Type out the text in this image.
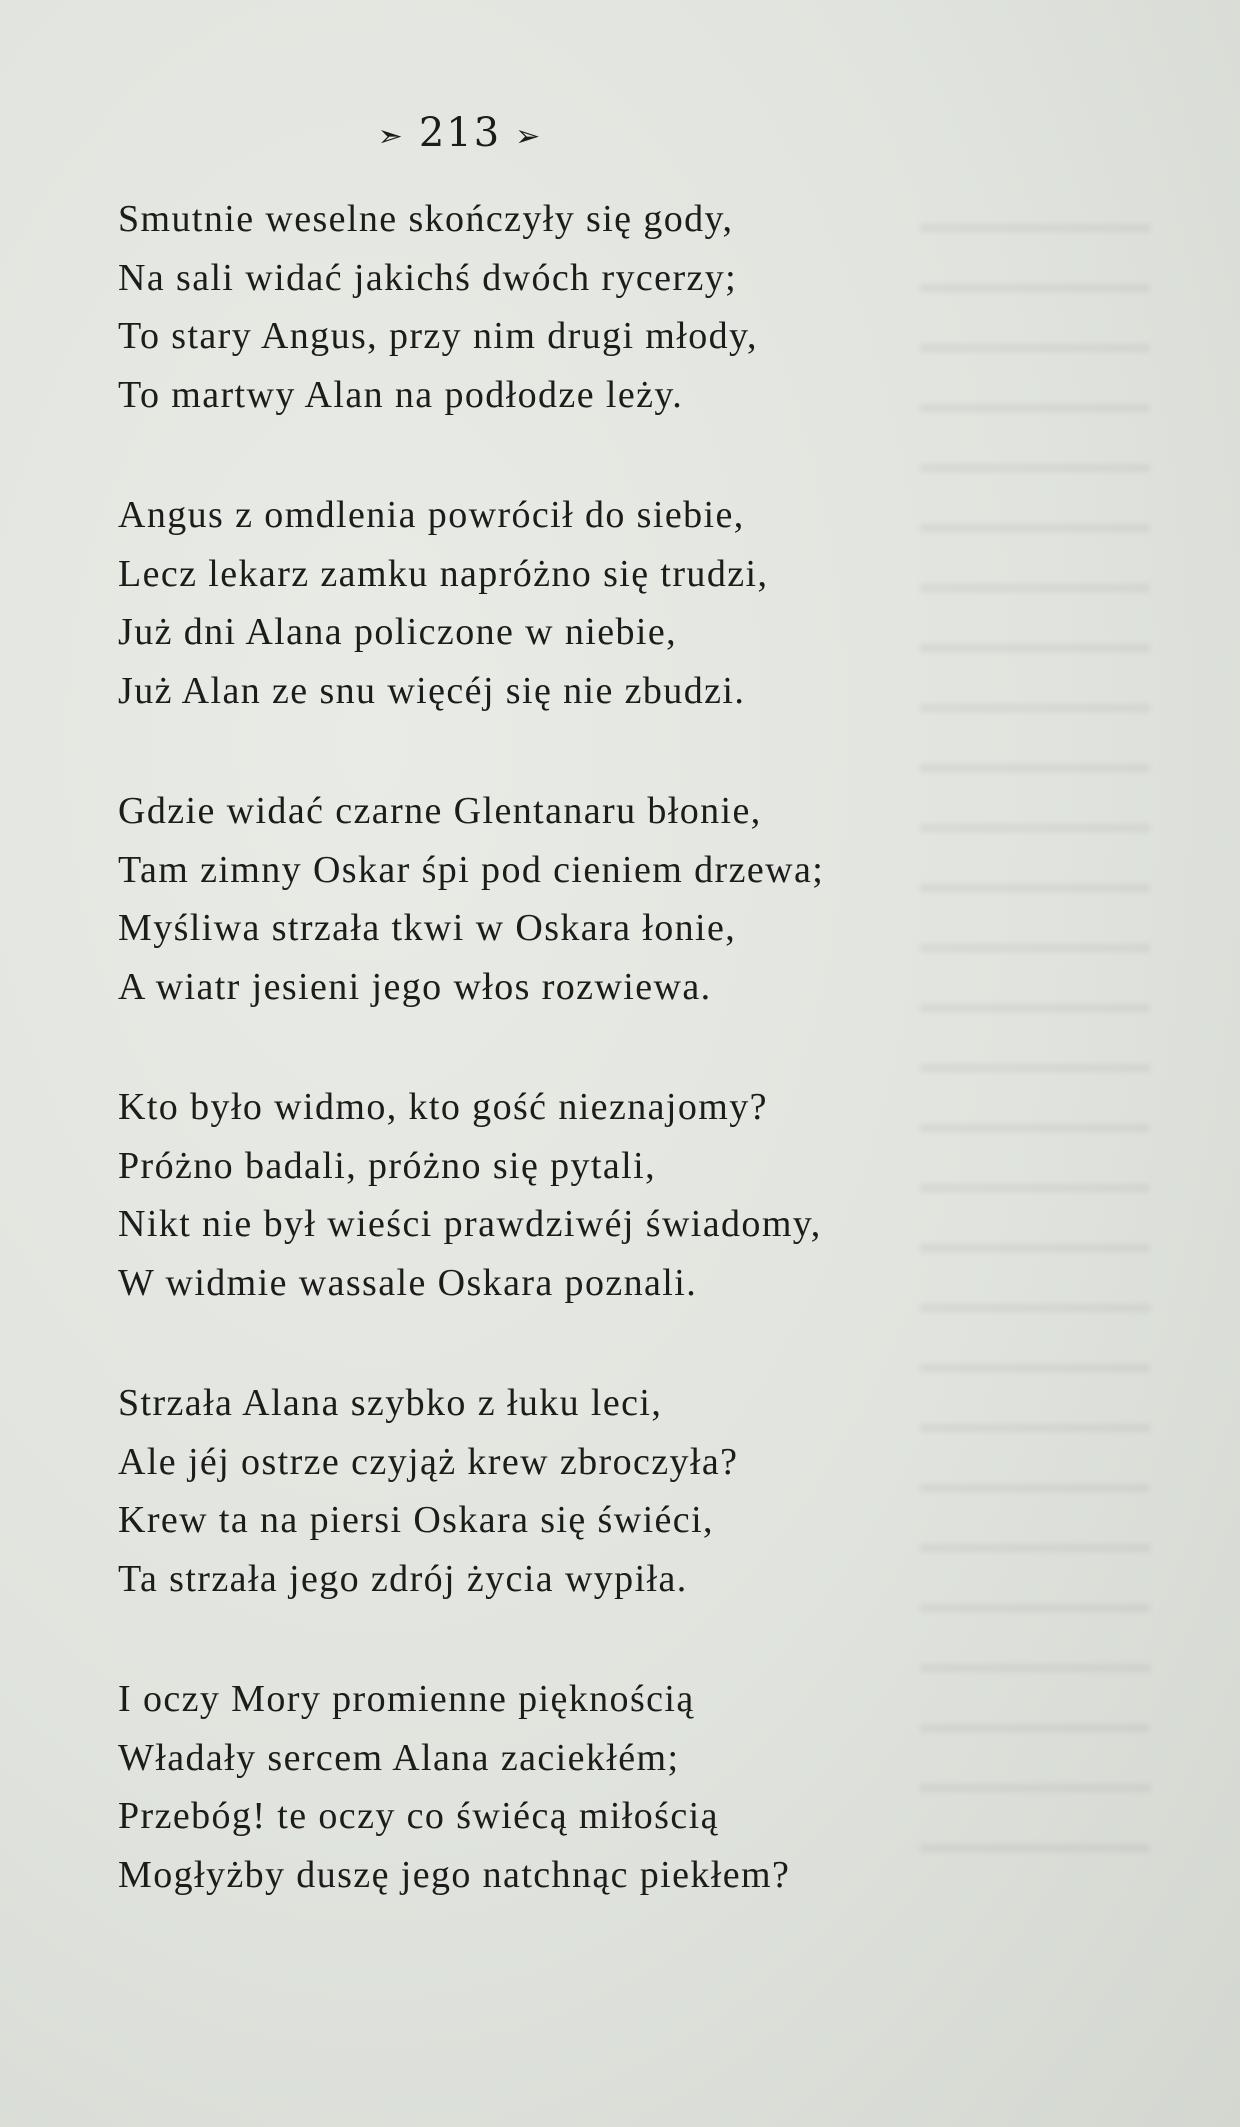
➣ 213 ➢
Smutnie weselne skończyły się gody,
Na sali widać jakichś dwóch rycerzy;
To stary Angus, przy nim drugi młody,
To martwy Alan na podłodze leży.
Angus z omdlenia powrócił do siebie,
Lecz lekarz zamku napróżno się trudzi,
Już dni Alana policzone w niebie,
Już Alan ze snu więcéj się nie zbudzi.
Gdzie widać czarne Glentanaru błonie,
Tam zimny Oskar śpi pod cieniem drzewa;
Myśliwa strzała tkwi w Oskara łonie,
A wiatr jesieni jego włos rozwiewa.
Kto było widmo, kto gość nieznajomy?
Próżno badali, próżno się pytali,
Nikt nie był wieści prawdziwéj świadomy,
W widmie wassale Oskara poznali.
Strzała Alana szybko z łuku leci,
Ale jéj ostrze czyjąż krew zbroczyła?
Krew ta na piersi Oskara się świéci,
Ta strzała jego zdrój życia wypiła.
I oczy Mory promienne pięknością
Władały sercem Alana zaciekłém;
Przebóg! te oczy co świécą miłością
Mogłyżby duszę jego natchnąc piekłem?
